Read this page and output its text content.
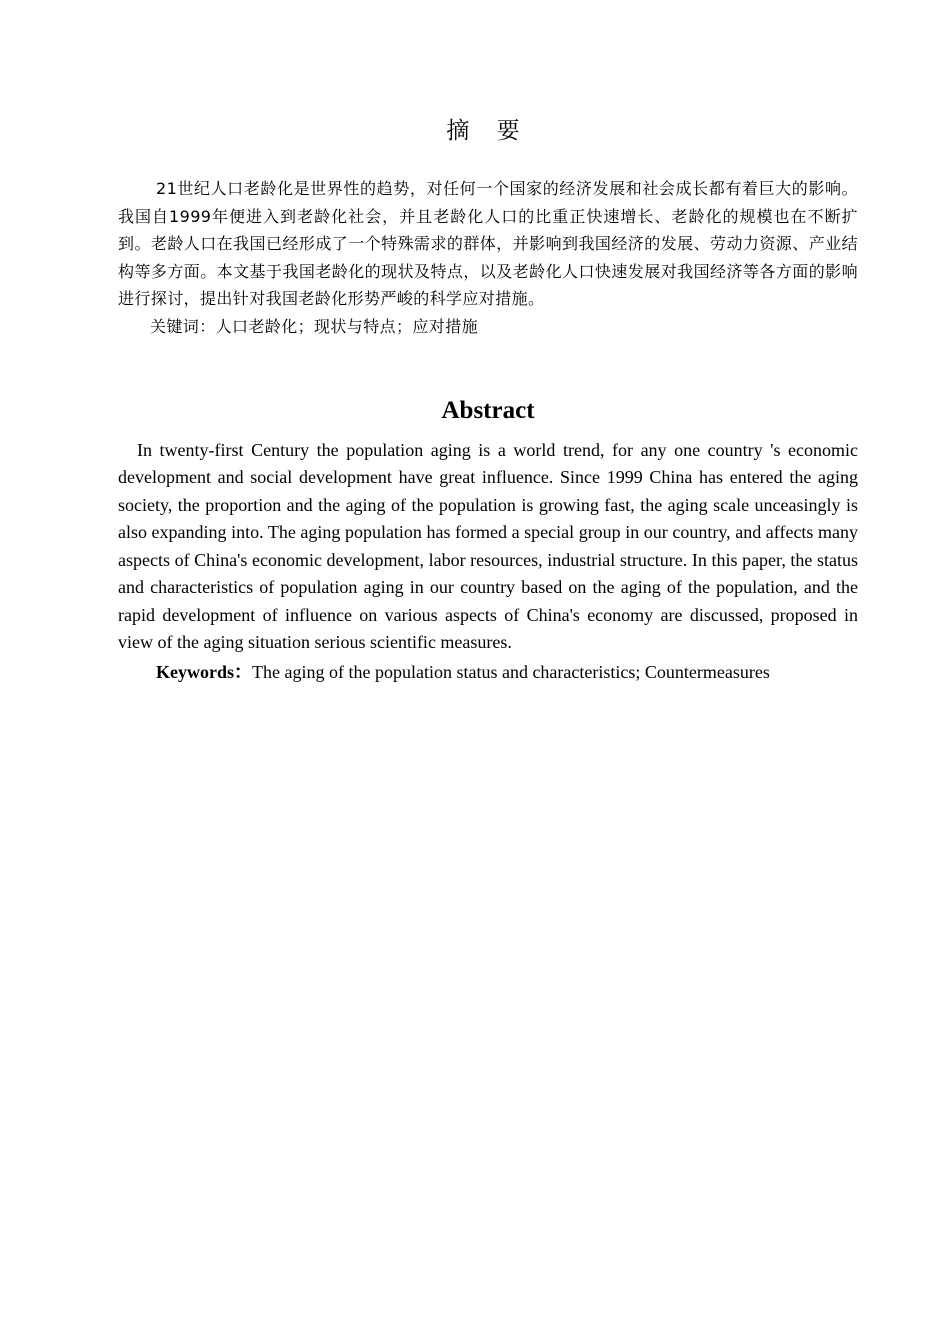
摘 要

21世纪人口老龄化是世界性的趋势，对任何一个国家的经济发展和社会成长都有着巨大的影响。我国自1999年便进入到老龄化社会，并且老龄化人口的比重正快速增长、老龄化的规模也在不断扩到。老龄人口在我国已经形成了一个特殊需求的群体，并影响到我国经济的发展、劳动力资源、产业结构等多方面。本文基于我国老龄化的现状及特点，以及老龄化人口快速发展对我国经济等各方面的影响进行探讨，提出针对我国老龄化形势严峻的科学应对措施。

关键词：人口老龄化；现状与特点；应对措施

Abstract

In twenty-first Century the population aging is a world trend, for any one country 's economic development and social development have great influence. Since 1999 China has entered the aging society, the proportion and the aging of the population is growing fast, the aging scale unceasingly is also expanding into. The aging population has formed a special group in our country, and affects many aspects of China's economic development, labor resources, industrial structure. In this paper, the status and characteristics of population aging in our country based on the aging of the population, and the rapid development of influence on various aspects of China's economy are discussed, proposed in view of the aging situation serious scientific measures.

Keywords：The aging of the population status and characteristics; Countermeasures
